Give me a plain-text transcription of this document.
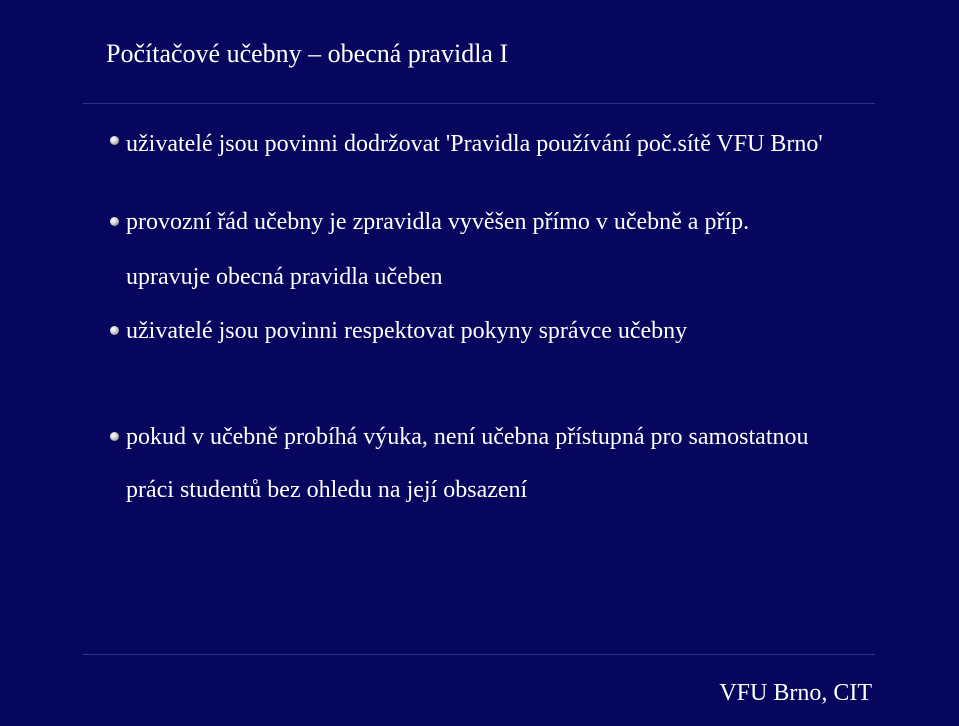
Počítačové učebny – obecná pravidla I
uživatelé jsou povinni dodržovat 'Pravidla používání poč.sítě VFU Brno'
provozní řád učebny je zpravidla vyvěšen přímo v učebně a příp. upravuje obecná pravidla učeben
uživatelé jsou povinni respektovat pokyny správce učebny
pokud v učebně probíhá výuka, není učebna přístupná pro samostatnou práci studentů bez ohledu na její obsazení
VFU Brno, CIT
